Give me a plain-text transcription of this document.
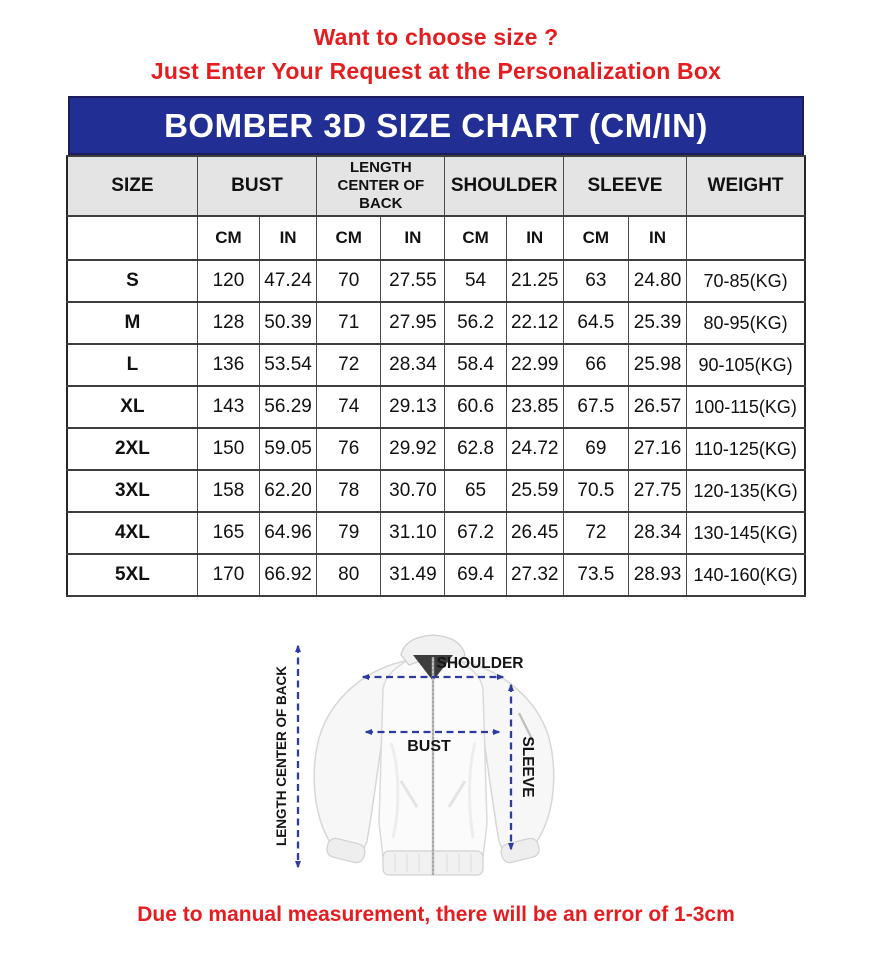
Want to choose size ?
Just Enter Your Request at the Personalization Box
BOMBER 3D SIZE CHART (CM/IN)
SIZE	BUST		LENGTH
CENTER OF BACK		SHOULDER		SLEEVE		WEIGHT
	CM	IN	CM	IN	CM	IN	CM	IN	
S	120	47.24	70	27.55	54	21.25	63	24.80	70-85(KG)
M	128	50.39	71	27.95	56.2	22.12	64.5	25.39	80-95(KG)
L	136	53.54	72	28.34	58.4	22.99	66	25.98	90-105(KG)
XL	143	56.29	74	29.13	60.6	23.85	67.5	26.57	100-115(KG)
2XL	150	59.05	76	29.92	62.8	24.72	69	27.16	110-125(KG)
3XL	158	62.20	78	30.70	65	25.59	70.5	27.75	120-135(KG)
4XL	165	64.96	79	31.10	67.2	26.45	72	28.34	130-145(KG)
5XL	170	66.92	80	31.49	69.4	27.32	73.5	28.93	140-160(KG)
SHOULDER
BUST
LENGTH CENTER OF BACK	SLEEVE
Due to manual measurement, there will be an error of 1-3cm
